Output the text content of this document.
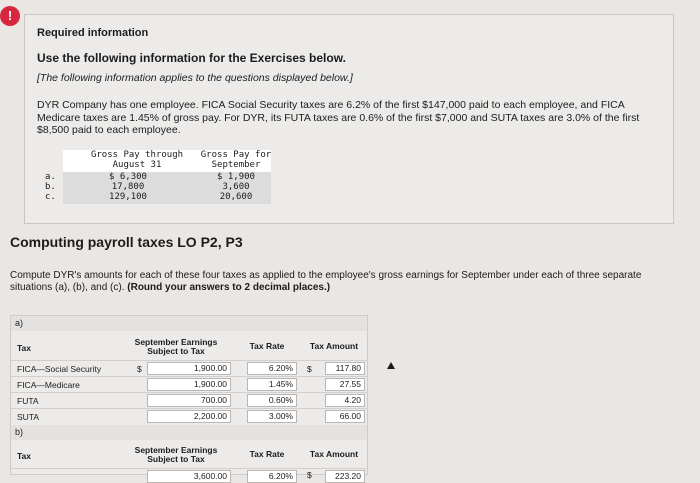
!
Required information
Use the following information for the Exercises below.
[The following information applies to the questions displayed below.]
DYR Company has one employee. FICA Social Security taxes are 6.2% of the first $147,000 paid to each employee, and FICA Medicare taxes are 1.45% of gross pay. For DYR, its FUTA taxes are 0.6% of the first $7,000 and SUTA taxes are 3.0% of the first $8,500 paid to each employee.
Gross Pay through
August 31
Gross Pay for
September
a.	$ 6,300	$ 1,900
b.	17,800	3,600
c.	129,100	20,600
Computing payroll taxes LO P2, P3
Compute DYR's amounts for each of these four taxes as applied to the employee's gross earnings for September under each of three separate situations (a), (b), and (c). (Round your answers to 2 decimal places.)
a)
Tax
September Earnings
Subject to Tax	Tax Rate	Tax Amount
FICA—Social Security	$	1,900.00	6.20%	$	117.80
FICA—Medicare	1,900.00	1.45%	27.55
FUTA	700.00	0.60%	4.20
SUTA	2,200.00	3.00%	66.00
b)
Tax
September Earnings
Subject to Tax	Tax Rate	Tax Amount
3,600.00	6.20%	$	223.20
